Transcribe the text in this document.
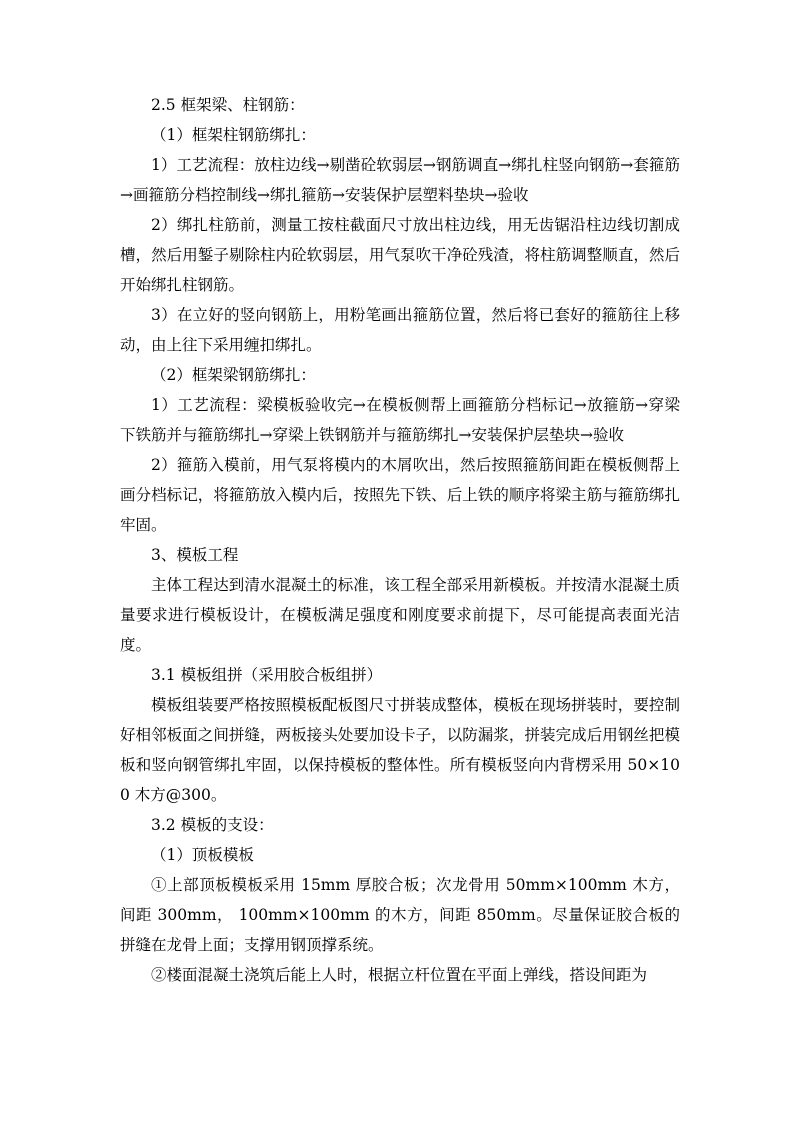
2.5 框架梁、柱钢筋：

（1）框架柱钢筋绑扎：

1）工艺流程：放柱边线→剔凿砼软弱层→钢筋调直→绑扎柱竖向钢筋→套箍筋→画箍筋分档控制线→绑扎箍筋→安装保护层塑料垫块→验收

2）绑扎柱筋前，测量工按柱截面尺寸放出柱边线，用无齿锯沿柱边线切割成槽，然后用錾子剔除柱内砼软弱层，用气泵吹干净砼残渣，将柱筋调整顺直，然后开始绑扎柱钢筋。

3）在立好的竖向钢筋上，用粉笔画出箍筋位置，然后将已套好的箍筋往上移动，由上往下采用缠扣绑扎。

（2）框架梁钢筋绑扎：

1）工艺流程：梁模板验收完→在模板侧帮上画箍筋分档标记→放箍筋→穿梁下铁筋并与箍筋绑扎→穿梁上铁钢筋并与箍筋绑扎→安装保护层垫块→验收

2）箍筋入模前，用气泵将模内的木屑吹出，然后按照箍筋间距在模板侧帮上画分档标记，将箍筋放入模内后，按照先下铁、后上铁的顺序将梁主筋与箍筋绑扎牢固。

3、模板工程

主体工程达到清水混凝土的标准，该工程全部采用新模板。并按清水混凝土质量要求进行模板设计，在模板满足强度和刚度要求前提下，尽可能提高表面光洁度。

3.1 模板组拼（采用胶合板组拼）

模板组装要严格按照模板配板图尺寸拼装成整体，模板在现场拼装时，要控制好相邻板面之间拼缝，两板接头处要加设卡子，以防漏浆，拼装完成后用钢丝把模板和竖向钢管绑扎牢固，以保持模板的整体性。所有模板竖向内背楞采用 50×100 木方@300。

3.2 模板的支设：

（1）顶板模板

①上部顶板模板采用 15mm 厚胶合板；次龙骨用 50mm×100mm 木方，间距 300mm， 100mm×100mm 的木方，间距 850mm。尽量保证胶合板的拼缝在龙骨上面；支撑用钢顶撑系统。

②楼面混凝土浇筑后能上人时，根据立杆位置在平面上弹线，搭设间距为
